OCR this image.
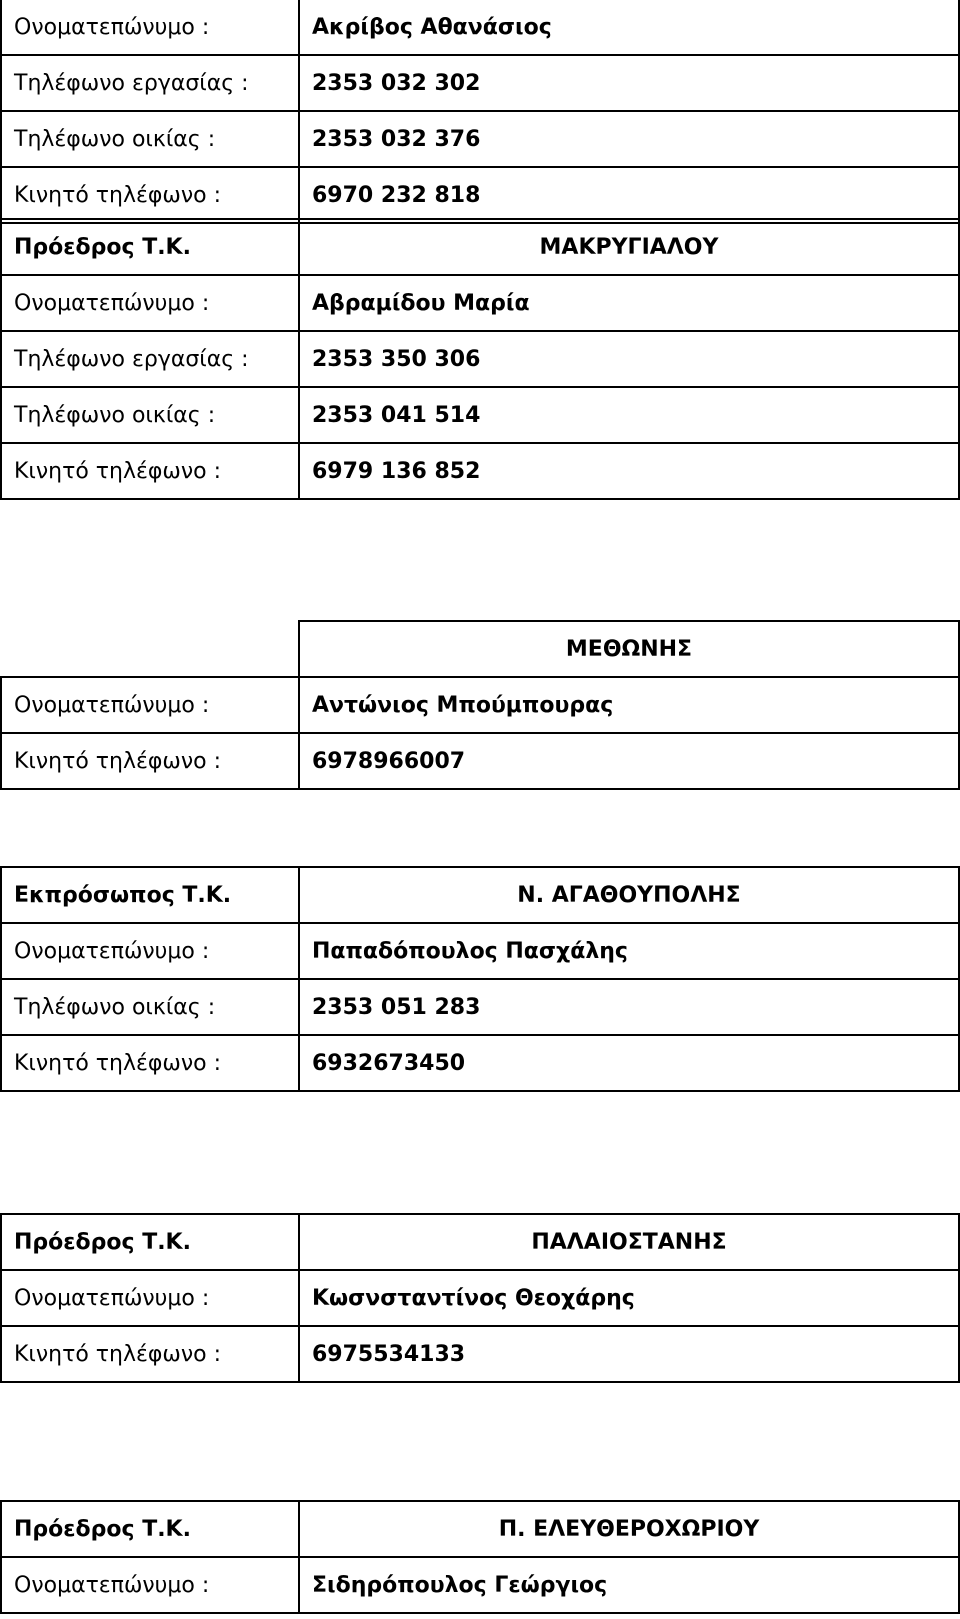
Ονοματεπώνυμο :	Ακρίβος Αθανάσιος
Τηλέφωνο εργασίας :	2353 032 302
Τηλέφωνο οικίας :	2353 032 376
Κινητό τηλέφωνο :	6970 232 818
Πρόεδρος Τ.Κ.	ΜΑΚΡΥΓΙΑΛΟΥ
Ονοματεπώνυμο :	Αβραμίδου Μαρία
Τηλέφωνο εργασίας :	2353 350 306
Τηλέφωνο οικίας :	2353 041 514
Κινητό τηλέφωνο :	6979 136 852
	ΜΕΘΩΝΗΣ
Ονοματεπώνυμο :	Αντώνιος Μπούμπουρας
Κινητό τηλέφωνο :	6978966007
Εκπρόσωπος Τ.Κ.	Ν. ΑΓΑΘΟΥΠΟΛΗΣ
Ονοματεπώνυμο :	Παπαδόπουλος Πασχάλης
Τηλέφωνο οικίας :	2353 051 283
Κινητό τηλέφωνο :	6932673450
Πρόεδρος Τ.Κ.	ΠΑΛΑΙΟΣΤΑΝΗΣ
Ονοματεπώνυμο :	Κωσνσταντίνος Θεοχάρης
Κινητό τηλέφωνο :	6975534133
Πρόεδρος Τ.Κ.	Π. ΕΛΕΥΘΕΡΟΧΩΡΙΟΥ
Ονοματεπώνυμο :	Σιδηρόπουλος Γεώργιος
